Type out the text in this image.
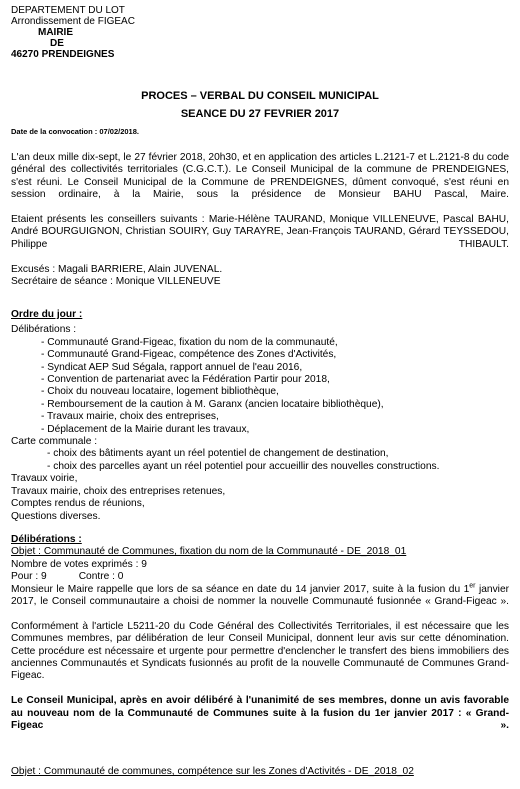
DEPARTEMENT DU LOT
Arrondissement de FIGEAC
MAIRIE
DE
46270 PRENDEIGNES
PROCES – VERBAL DU CONSEIL MUNICIPAL
SEANCE DU 27 FEVRIER 2017
Date de la convocation : 07/02/2018.
L'an deux mille dix-sept, le 27 février 2018, 20h30, et en application des articles L.2121-7 et L.2121-8 du code général des collectivités territoriales (C.G.C.T.). Le Conseil Municipal de la commune de PRENDEIGNES, s'est réuni. Le Conseil Municipal de la Commune de PRENDEIGNES, dûment convoqué, s'est réuni en session ordinaire, à la Mairie, sous la présidence de Monsieur BAHU Pascal, Maire.
Etaient présents les conseillers suivants : Marie-Hélène TAURAND, Monique VILLENEUVE, Pascal BAHU, André BOURGUIGNON, Christian SOUIRY, Guy TARAYRE, Jean-François TAURAND, Gérard TEYSSEDOU, Philippe THIBAULT.
Excusés : Magali BARRIERE, Alain JUVENAL.
Secrétaire de séance : Monique VILLENEUVE
Ordre du jour :
Délibérations :
- Communauté Grand-Figeac, fixation du nom de la communauté,
- Communauté Grand-Figeac, compétence des Zones d'Activités,
- Syndicat AEP Sud Ségala, rapport annuel de l'eau 2016,
- Convention de partenariat avec la Fédération Partir pour 2018,
- Choix du nouveau locataire, logement bibliothèque,
- Remboursement de la caution à M. Garanx (ancien locataire bibliothèque),
- Travaux mairie, choix des entreprises,
- Déplacement de la Mairie durant les travaux,
Carte communale :
- choix des bâtiments ayant un réel potentiel de changement de destination,
- choix des parcelles ayant un réel potentiel pour accueillir des nouvelles constructions.
Travaux voirie,
Travaux mairie, choix des entreprises retenues,
Comptes rendus de réunions,
Questions diverses.
Délibérations :
Objet : Communauté de Communes, fixation du nom de la Communauté - DE_2018_01
Nombre de votes exprimés : 9
Pour : 9	Contre : 0
Monsieur le Maire rappelle que lors de sa séance en date du 14 janvier 2017, suite à la fusion du 1er janvier 2017, le Conseil communautaire a choisi de nommer la nouvelle Communauté fusionnée « Grand-Figeac ».
Conformément à l'article L5211-20 du Code Général des Collectivités Territoriales, il est nécessaire que les Communes membres, par délibération de leur Conseil Municipal, donnent leur avis sur cette dénomination. Cette procédure est nécessaire et urgente pour permettre d'enclencher le transfert des biens immobiliers des anciennes Communautés et Syndicats fusionnés au profit de la nouvelle Communauté de Communes Grand-Figeac.
Le Conseil Municipal, après en avoir délibéré à l'unanimité de ses membres, donne un avis favorable au nouveau nom de la Communauté de Communes suite à la fusion du 1er janvier 2017 : « Grand-Figeac ».
Objet : Communauté de communes, compétence sur les Zones d'Activités - DE_2018_02
